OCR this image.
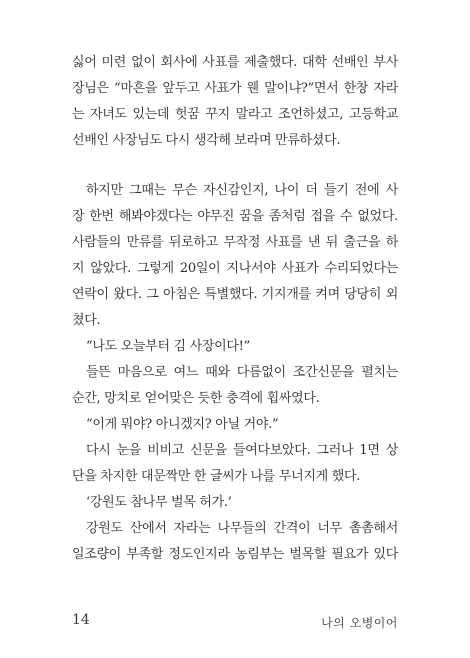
싫어 미련 없이 회사에 사표를 제출했다. 대학 선배인 부사
장님은 “마흔을 앞두고 사표가 웬 말이냐?”면서 한창 자라
는 자녀도 있는데 헛꿈 꾸지 말라고 조언하셨고, 고등학교
선배인 사장님도 다시 생각해 보라며 만류하셨다.
하지만 그때는 무슨 자신감인지, 나이 더 들기 전에 사
장 한번 해봐야겠다는 야무진 꿈을 좀처럼 접을 수 없었다.
사람들의 만류를 뒤로하고 무작정 사표를 낸 뒤 출근을 하
지 않았다. 그렇게 20일이 지나서야 사표가 수리되었다는
연락이 왔다. 그 아침은 특별했다. 기지개를 켜며 당당히 외
쳤다.
“나도 오늘부터 김 사장이다!”
들뜬 마음으로 여느 때와 다름없이 조간신문을 펼치는
순간, 망치로 얻어맞은 듯한 충격에 휩싸였다.
“이게 뭐야? 아니겠지? 아닐 거야.”
다시 눈을 비비고 신문을 들여다보았다. 그러나 1면 상
단을 차지한 대문짝만 한 글씨가 나를 무너지게 했다.
‘강원도 참나무 벌목 허가.’
강원도 산에서 자라는 나무들의 간격이 너무 촘촘해서
일조량이 부족할 정도인지라 농림부는 벌목할 필요가 있다
14	나의 오병이어
